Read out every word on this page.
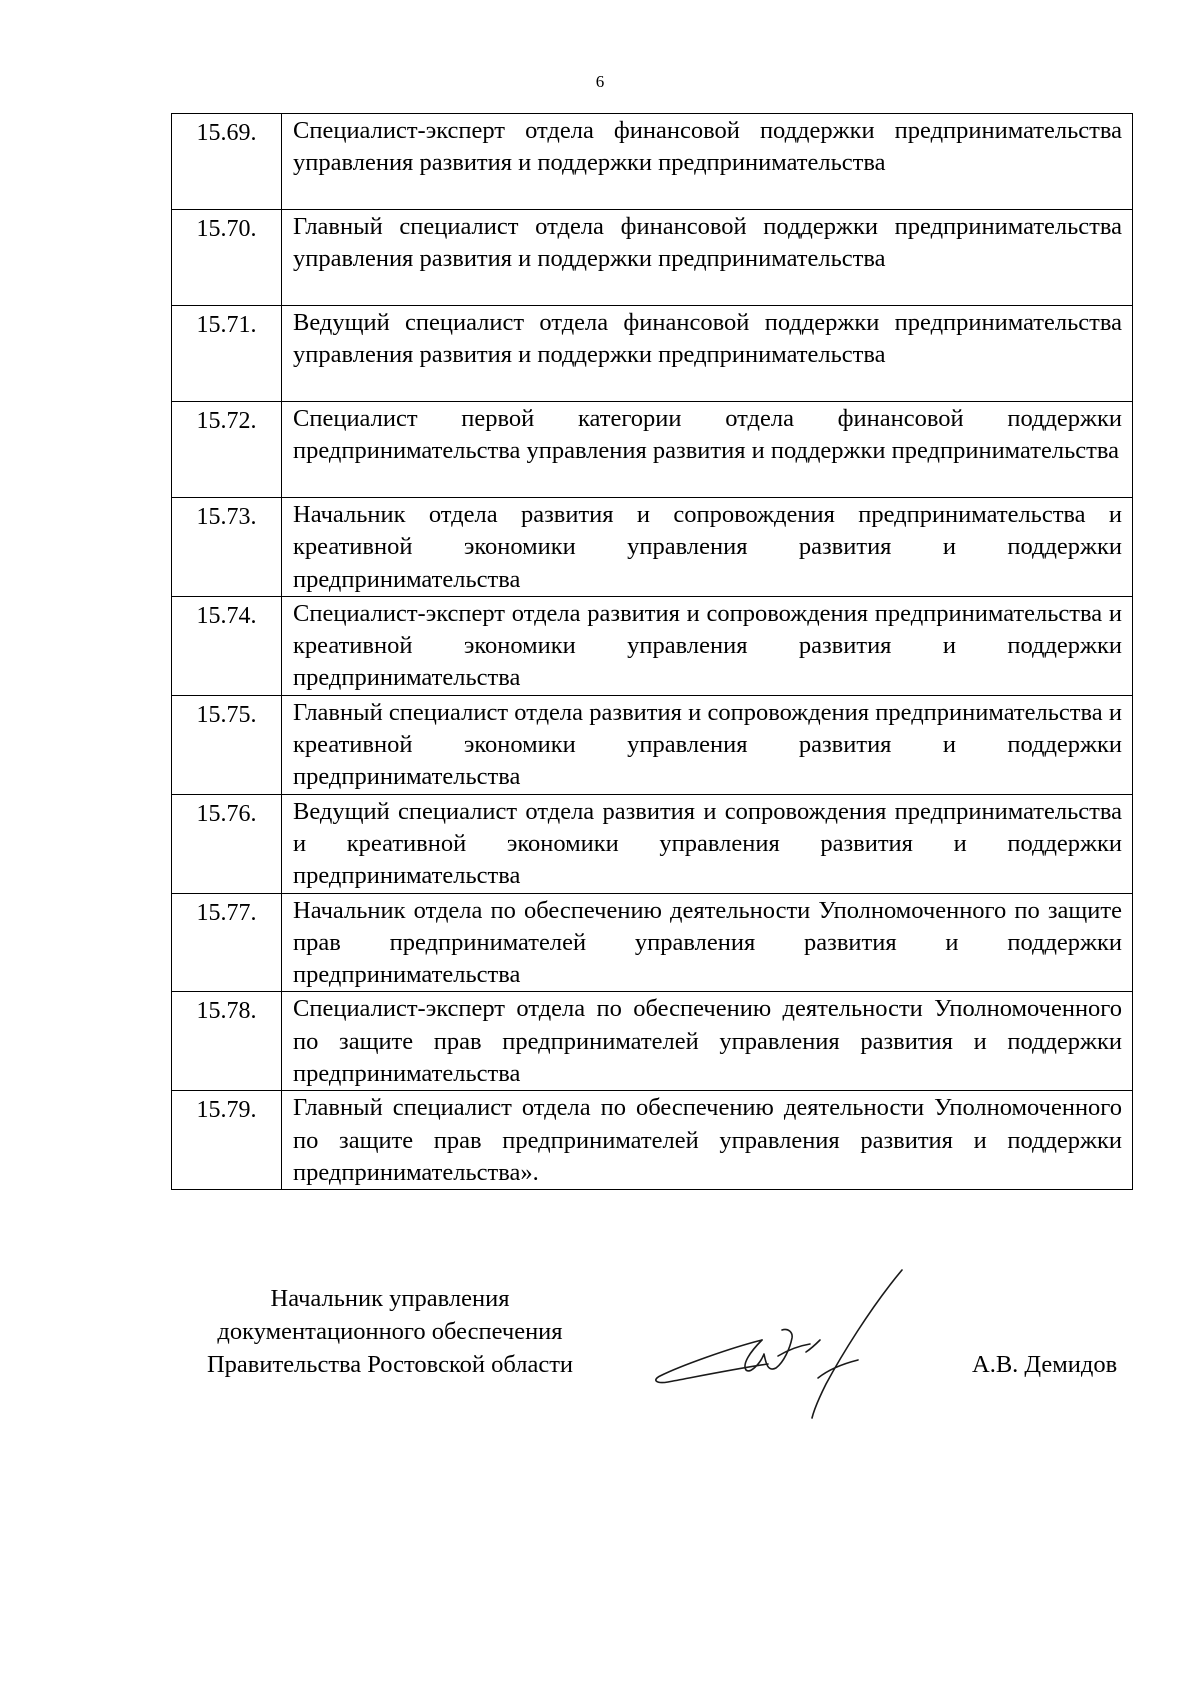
6
15.69.	Специалист-эксперт отдела финансовой поддержки предпринимательства управления развития и поддержки предпринимательства

15.70.	Главный специалист отдела финансовой поддержки предпринимательства управления развития и поддержки предпринимательства

15.71.	Ведущий специалист отдела финансовой поддержки предпринимательства управления развития и поддержки предпринимательства

15.72.	Специалист первой категории отдела финансовой поддержки предпринимательства управления развития и поддержки предпринимательства

15.73.	Начальник отдела развития и сопровождения предпринимательства и креативной экономики управления развития и поддержки предпринимательства

15.74.	Специалист-эксперт отдела развития и сопровождения предпринимательства и креативной экономики управления развития и поддержки предпринимательства

15.75.	Главный специалист отдела развития и сопровождения предпринимательства и креативной экономики управления развития и поддержки предпринимательства

15.76.	Ведущий специалист отдела развития и сопровождения предпринимательства и креативной экономики управления развития и поддержки предпринимательства

15.77.	Начальник отдела по обеспечению деятельности Уполномоченного по защите прав предпринимателей управления развития и поддержки предпринимательства

15.78.	Специалист-эксперт отдела по обеспечению деятельности Уполномоченного по защите прав предпринимателей управления развития и поддержки предпринимательства

15.79.	Главный специалист отдела по обеспечению деятельности Уполномоченного по защите прав предпринимателей управления развития и поддержки предпринимательства».
Начальник управления
документационного обеспечения
Правительства Ростовской области	А.В. Демидов
